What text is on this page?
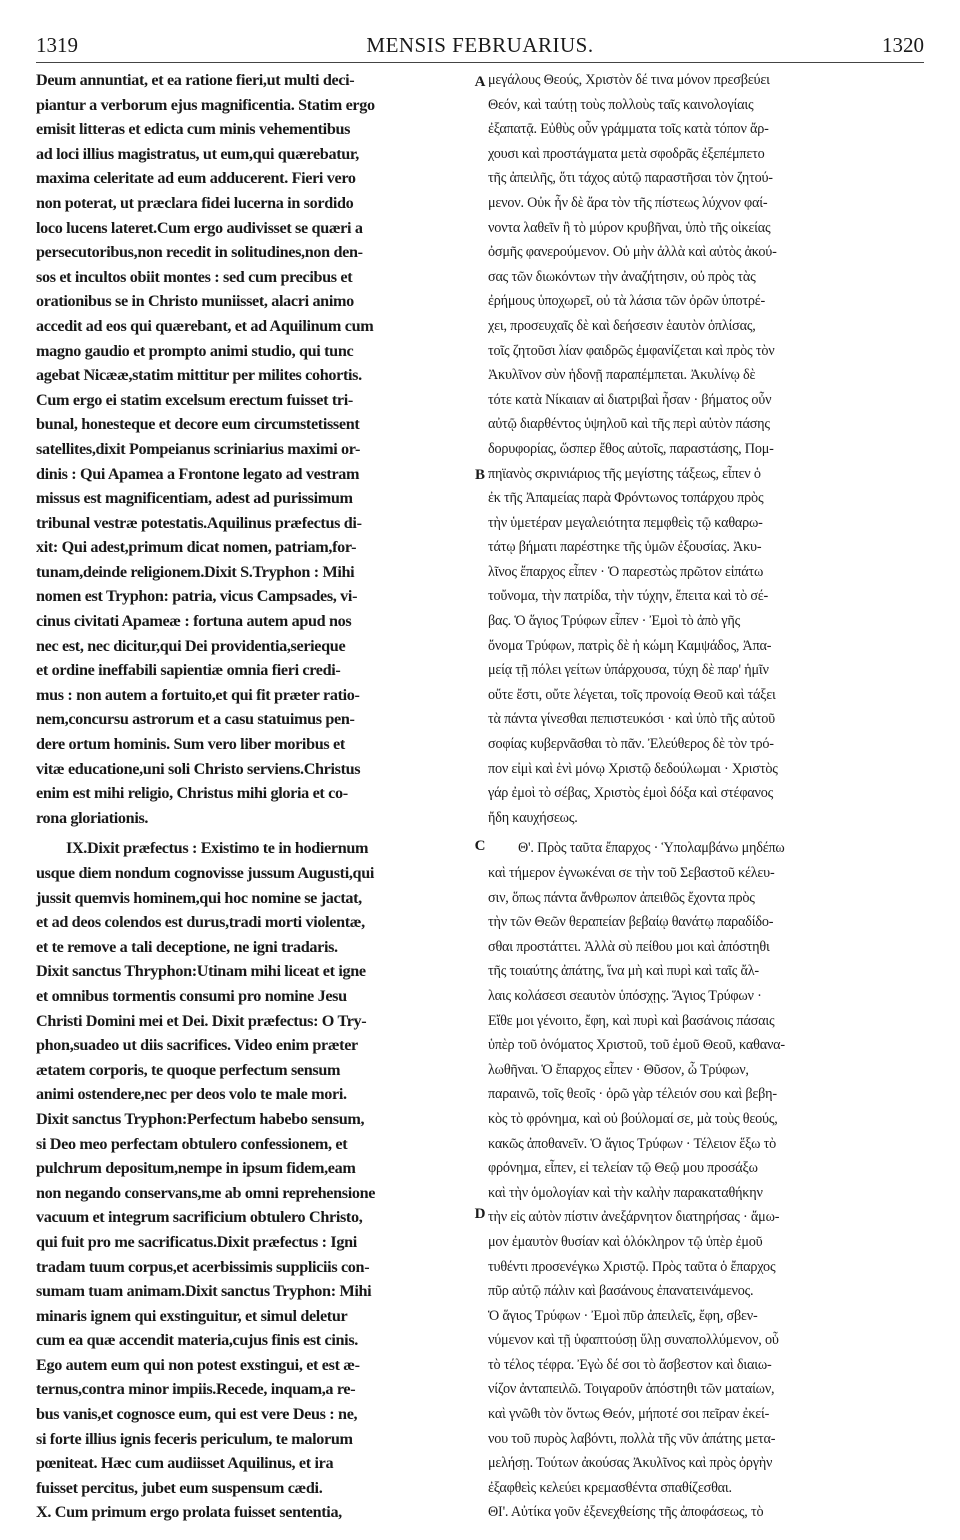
1319	MENSIS FEBRUARIUS.	1320
Deum annuntiat, et ea ratione fieri,ut multi deci-
piantur a verborum ejus magnificentia. Statim ergo
emisit litteras et edicta cum minis vehementibus
ad loci illius magistratus, ut eum,qui quærebatur,
maxima celeritate ad eum adducerent. Fieri vero
non poterat, ut præclara fidei lucerna in sordido
loco lucens lateret.Cum ergo audivisset se quæri a
persecutoribus,non recedit in solitudines,non den-
sos et incultos obiit montes : sed cum precibus et
orationibus se in Christo muniisset, alacri animo
accedit ad eos qui quærebant, et ad Aquilinum cum
magno gaudio et prompto animi studio, qui tunc
agebat Nicææ,statim mittitur per milites cohortis.
Cum ergo ei statim excelsum erectum fuisset tri-
bunal, honesteque et decore eum circumstetissent
satellites,dixit Pompeianus scriniarius maximi or-
dinis : Qui Apamea a Frontone legato ad vestram
missus est magnificentiam, adest ad purissimum
tribunal vestræ potestatis.Aquilinus præfectus di-
xit: Qui adest,primum dicat nomen, patriam,for-
tunam,deinde religionem.Dixit S.Tryphon : Mihi
nomen est Tryphon: patria, vicus Campsades, vi-
cinus civitati Apameæ : fortuna autem apud nos
nec est, nec dicitur,qui Dei providentia,serieque
et ordine ineffabili sapientiæ omnia fieri credi-
mus : non autem a fortuito,et qui fit præter ratio-
nem,concursu astrorum et a casu statuimus pen-
dere ortum hominis. Sum vero liber moribus et
vitæ educatione,uni soli Christo serviens.Christus
enim est mihi religio, Christus mihi gloria et co-
rona gloriationis.
IX.Dixit præfectus : Existimo te in hodiernum
usque diem nondum cognovisse jussum Augusti,qui
jussit quemvis hominem,qui hoc nomine se jactat,
et ad deos colendos est durus,tradi morti violentæ,
et te remove a tali deceptione, ne igni tradaris.
Dixit sanctus Thryphon:Utinam mihi liceat et igne
et omnibus tormentis consumi pro nomine Jesu
Christi Domini mei et Dei. Dixit præfectus: O Try-
phon,suadeo ut diis sacrifices. Video enim præter
ætatem corporis, te quoque perfectum sensum
animi ostendere,nec per deos volo te male mori.
Dixit sanctus Tryphon:Perfectum habebo sensum,
si Deo meo perfectam obtulero confessionem, et
pulchrum depositum,nempe in ipsum fidem,eam
non negando conservans,me ab omni reprehensione
vacuum et integrum sacrificium obtulero Christo,
qui fuit pro me sacrificatus.Dixit præfectus : Igni
tradam tuum corpus,et acerbissimis suppliciis con-
sumam tuam animam.Dixit sanctus Tryphon: Mihi
minaris ignem qui exstinguitur, et simul deletur
cum ea quæ accendit materia,cujus finis est cinis.
Ego autem eum qui non potest exstingui, et est æ-
ternus,contra minor impiis.Recede, inquam,a re-
bus vanis,et cognosce eum, qui est vere Deus : ne,
si forte illius ignis feceris periculum, te malorum
pœniteat. Hæc cum audiisset Aquilinus, et ira
fuisset percitus, jubet eum suspensum cædi.
X. Cum primum ergo prolata fuisset sententia,
μεγάλους Θεούς, Χριστὸν δέ τινα μόνον πρεσβεύει
Θεόν, καὶ ταύτῃ τοὺς πολλοὺς ταῖς καινολογίαις
ἐξαπατᾷ. Εὐθὺς οὖν γράμματα τοῖς κατὰ τόπον ἄρ-
χουσι καὶ προστάγματα μετὰ σφοδρᾶς ἐξεπέμπετο
τῆς ἀπειλῆς, ὅτι τάχος αὐτῷ παραστῆσαι τὸν ζητού-
μενον. Οὐκ ἦν δὲ ἄρα τὸν τῆς πίστεως λύχνον φαί-
νοντα λαθεῖν ἢ τὸ μύρον κρυβῆναι, ὑπὸ τῆς οἰκείας
ὀσμῆς φανερούμενον. Οὐ μὴν ἀλλὰ καὶ αὐτὸς ἀκού-
σας τῶν διωκόντων τὴν ἀναζήτησιν, οὐ πρὸς τὰς
ἐρήμους ὑποχωρεῖ, οὐ τὰ λάσια τῶν ὀρῶν ὑποτρέ-
χει, προσευχαῖς δὲ καὶ δεήσεσιν ἑαυτὸν ὁπλίσας,
τοῖς ζητοῦσι λίαν φαιδρῶς ἐμφανίζεται καὶ πρὸς τὸν
Ἀκυλῖνον σὺν ἡδονῇ παραπέμπεται. Ἀκυλίνῳ δὲ
τότε κατὰ Νίκαιαν αἱ διατριβαὶ ἦσαν · βήματος οὖν
αὐτῷ διαρθέντος ὑψηλοῦ καὶ τῆς περὶ αὐτὸν πάσης
δορυφορίας, ὥσπερ ἔθος αὐτοῖς, παραστάσης, Πομ-
πηϊανὸς σκρινιάριος τῆς μεγίστης τάξεως, εἶπεν ὁ
ἐκ τῆς Ἀπαμείας παρὰ Φρόντωνος τοπάρχου πρὸς
τὴν ὑμετέραν μεγαλειότητα πεμφθεὶς τῷ καθαρω-
τάτῳ βήματι παρέστηκε τῆς ὑμῶν ἐξουσίας. Ἀκυ-
λῖνος ἔπαρχος εἶπεν · Ὁ παρεστὼς πρῶτον εἰπάτω
τοὔνομα, τὴν πατρίδα, τὴν τύχην, ἔπειτα καὶ τὸ σέ-
βας. Ὁ ἅγιος Τρύφων εἶπεν · Ἐμοὶ τὸ ἀπὸ γῆς
ὄνομα Τρύφων, πατρὶς δὲ ἡ κώμη Καμψάδος, Ἀπα-
μείᾳ τῇ πόλει γείτων ὑπάρχουσα, τύχη δὲ παρ' ἡμῖν
οὔτε ἔστι, οὔτε λέγεται, τοῖς προνοίᾳ Θεοῦ καὶ τάξει
τὰ πάντα γίνεσθαι πεπιστευκόσι · καὶ ὑπὸ τῆς αὐτοῦ
σοφίας κυβερνᾶσθαι τὸ πᾶν. Ἐλεύθερος δὲ τὸν τρό-
πον εἰμὶ καὶ ἑνὶ μόνῳ Χριστῷ δεδούλωμαι · Χριστὸς
γάρ ἐμοὶ τὸ σέβας, Χριστὸς ἐμοὶ δόξα καὶ στέφανος
ἤδη καυχήσεως.
Θ'. Πρὸς ταῦτα ἔπαρχος · Ὑπολαμβάνω μηδέπω
καὶ τήμερον ἐγνωκέναι σε τὴν τοῦ Σεβαστοῦ κέλευ-
σιν, ὅπως πάντα ἄνθρωπον ἀπειθῶς ἔχοντα πρὸς
τὴν τῶν Θεῶν θεραπείαν βεβαίῳ θανάτῳ παραδίδο-
σθαι προστάττει. Ἀλλὰ σὺ πείθου μοι καὶ ἀπόστηθι
τῆς τοιαύτης ἀπάτης, ἵνα μὴ καὶ πυρὶ καὶ ταῖς ἄλ-
λαις κολάσεσι σεαυτὸν ὑπόσχῃς. Ἅγιος Τρύφων ·
Εἴθε μοι γένοιτο, ἔφη, καὶ πυρὶ καὶ βασάνοις πάσαις
ὑπὲρ τοῦ ὀνόματος Χριστοῦ, τοῦ ἐμοῦ Θεοῦ, καθανα-
λωθῆναι. Ὁ ἔπαρχος εἶπεν · Θῦσον, ὦ Τρύφων,
παραινῶ, τοῖς θεοῖς · ὁρῶ γὰρ τέλειόν σου καὶ βεβη-
κὸς τὸ φρόνημα, καὶ οὐ βούλομαί σε, μὰ τοὺς θεούς,
κακῶς ἀποθανεῖν. Ὁ ἅγιος Τρύφων · Τέλειον ἕξω τὸ
φρόνημα, εἶπεν, εἰ τελείαν τῷ Θεῷ μου προσάξω
καὶ τὴν ὁμολογίαν καὶ τὴν καλὴν παρακαταθήκην
τὴν εἰς αὐτὸν πίστιν ἀνεξάρνητον διατηρήσας · ἄμω-
μον ἐμαυτὸν θυσίαν καὶ ὁλόκληρον τῷ ὑπὲρ ἐμοῦ
τυθέντι προσενέγκω Χριστῷ. Πρὸς ταῦτα ὁ ἔπαρχος
πῦρ αὐτῷ πάλιν καὶ βασάνους ἐπανατεινάμενος.
Ὁ ἅγιος Τρύφων · Ἐμοὶ πῦρ ἀπειλεῖς, ἔφη, σβεν-
νύμενον καὶ τῇ ὑφαπτούσῃ ὕλῃ συναπολλύμενον, οὗ
τὸ τέλος τέφρα. Ἐγὼ δέ σοι τὸ ἄσβεστον καὶ διαιω-
νίζον ἀνταπειλῶ. Τοιγαροῦν ἀπόστηθι τῶν ματαίων,
καὶ γνῶθι τὸν ὄντως Θεόν, μήποτέ σοι πεῖραν ἐκεί-
νου τοῦ πυρὸς λαβόντι, πολλὰ τῆς νῦν ἀπάτης μετα-
μελήσῃ. Τούτων ἀκούσας Ἀκυλῖνος καὶ πρὸς ὀργὴν
ἐξαφθεὶς κελεύει κρεμασθέντα σπαθίζεσθαι.
ΘΙ'. Αὐτίκα γοῦν ἐξενεχθείσης τῆς ἀποφάσεως, τὸ
A
B
C
D
